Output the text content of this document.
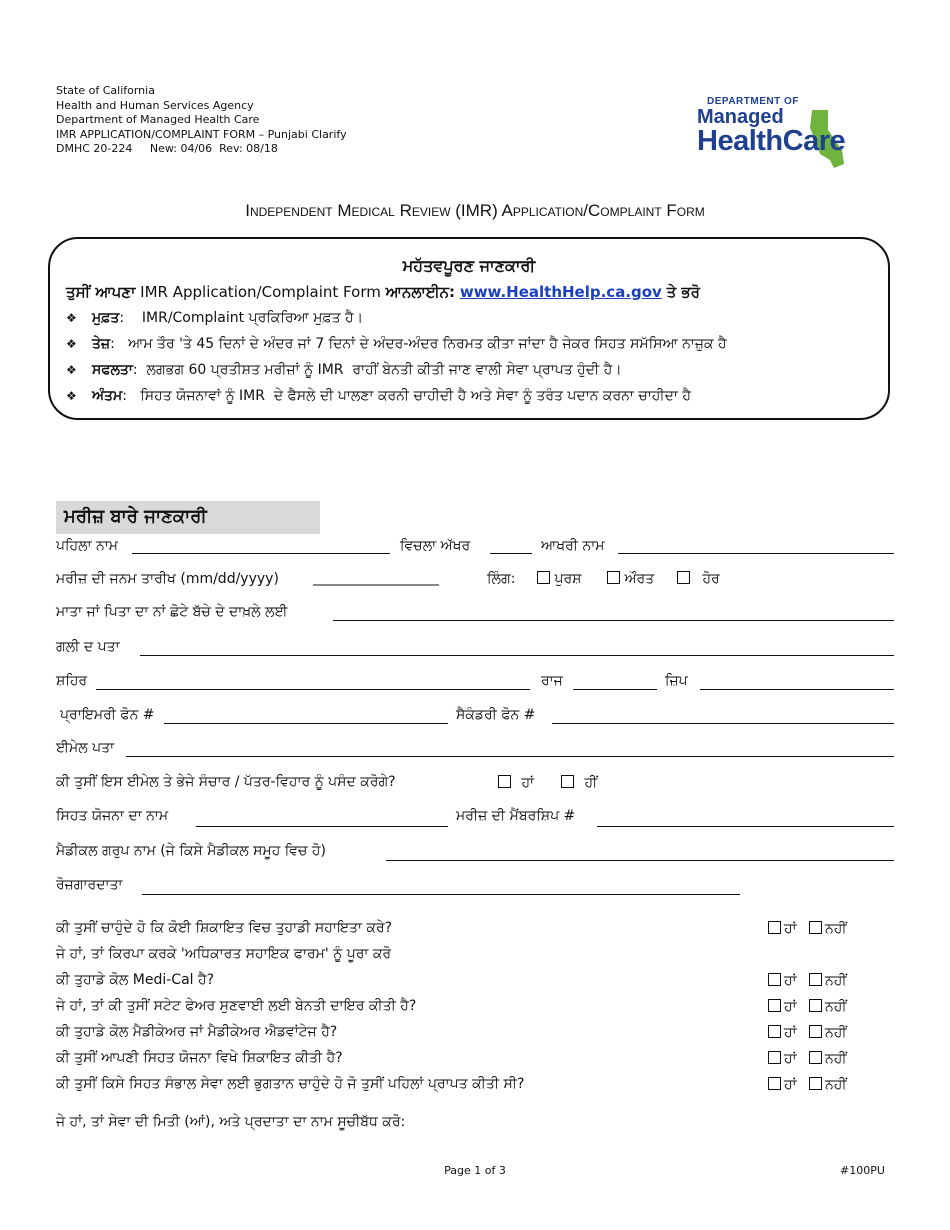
State of California
Health and Human Services Agency
Department of Managed Health Care
IMR APPLICATION/COMPLAINT FORM – Punjabi Clarify
DMHC 20-224     New: 04/06  Rev: 08/18
DEPARTMENT OF
Managed
HealthCare
Independent Medical Review (IMR) Application/Complaint Form
ਮਹੱਤਵਪੂਰਣ ਜਾਣਕਾਰੀ
ਤੁਸੀਂ ਆਪਣਾ IMR Application/Complaint Form ਆਨਲਾਈਨ: www.HealthHelp.ca.gov ਤੇ ਭਰੋ
❖ ਮੁਫ਼ਤ:    IMR/Complaint ਪ੍ਰਕਿਰਿਆ ਮੁਫ਼ਤ ਹੈ।
❖ ਤੇਜ਼:   ਆਮ ਤੌਰ 'ਤੇ 45 ਦਿਨਾਂ ਦੇ ਅੰਦਰ ਜਾਂ 7 ਦਿਨਾਂ ਦੇ ਅੰਦਰ-ਅੰਦਰ ਨਿਰਮਤ ਕੀਤਾ ਜਾਂਦਾ ਹੈ ਜੇਕਰ ਸਿਹਤ ਸਮੱਸਿਆ ਨਾਜ਼ੁਕ ਹੈ
❖ ਸਫਲਤਾ:  ਲਗਭਗ 60 ਪ੍ਰਤੀਸ਼ਤ ਮਰੀਜ਼ਾਂ ਨੂੰ IMR  ਰਾਹੀਂ ਬੇਨਤੀ ਕੀਤੀ ਜਾਣ ਵਾਲੀ ਸੇਵਾ ਪ੍ਰਾਪਤ ਹੁੰਦੀ ਹੈ।
❖ ਅੰਤਮ:   ਸਿਹਤ ਯੋਜਨਾਵਾਂ ਨੂੰ IMR  ਦੇ ਫੈਸਲੇ ਦੀ ਪਾਲਣਾ ਕਰਨੀ ਚਾਹੀਦੀ ਹੈ ਅਤੇ ਸੇਵਾ ਨੂੰ ਤਰੰਤ ਪਦਾਨ ਕਰਨਾ ਚਾਹੀਦਾ ਹੈ
ਮਰੀਜ਼ ਬਾਰੇ ਜਾਣਕਾਰੀ
ਪਹਿਲਾ ਨਾਮ	ਵਿਚਲਾ ਅੱਖਰ	ਆਖਰੀ ਨਾਮ
ਮਰੀਜ਼ ਦੀ ਜਨਮ ਤਾਰੀਖ (mm/dd/yyyy) __________________	ਲਿੰਗ:	ਪੁਰਸ਼	ਔਰਤ	ਹੋਰ
ਮਾਤਾ ਜਾਂ ਪਿਤਾ ਦਾ ਨਾਂ ਛੋਟੇ ਬੱਚੇ ਦੇ ਦਾਖ਼ਲੇ ਲਈ
ਗਲੀ ਦ ਪਤਾ
ਸ਼ਹਿਰ	ਰਾਜ	ਜ਼ਿਪ
ਪ੍ਰਾਇਮਰੀ ਫੋਨ #	ਸੈਕੰਡਰੀ ਫੋਨ #
ਈਮੇਲ ਪਤਾ
ਕੀ ਤੁਸੀਂ ਇਸ ਈਮੇਲ ਤੇ ਭੇਜੇ ਸੰਚਾਰ / ਪੱਤਰ-ਵਿਹਾਰ ਨੂੰ ਪਸੰਦ ਕਰੋਗੇ?	ਹਾਂ	ਹੀਂ
ਸਿਹਤ ਯੋਜਨਾ ਦਾ ਨਾਮ	ਮਰੀਜ਼ ਦੀ ਮੈਂਬਰਸ਼ਿਪ #
ਮੈਡੀਕਲ ਗਰੁਪ ਨਾਮ (ਜੇ ਕਿਸੇ ਮੈਡੀਕਲ ਸਮੂਹ ਵਿਚ ਹੋ)
ਰੋਜ਼ਗਾਰਦਾਤਾ
ਕੀ ਤੁਸੀਂ ਚਾਹੁੰਦੇ ਹੋ ਕਿ ਕੋਈ ਸ਼ਿਕਾਇਤ ਵਿਚ ਤੁਹਾਡੀ ਸਹਾਇਤਾ ਕਰੇ?	ਹਾਂ ਨਹੀਂ
ਜੇ ਹਾਂ, ਤਾਂ ਕਿਰਪਾ ਕਰਕੇ 'ਅਧਿਕਾਰਤ ਸਹਾਇਕ ਫਾਰਮ' ਨੂੰ ਪੂਰਾ ਕਰੋ
ਕੀ ਤੁਹਾਡੇ ਕੋਲ Medi-Cal ਹੈ?	ਹਾਂ ਨਹੀਂ
ਜੇ ਹਾਂ, ਤਾਂ ਕੀ ਤੁਸੀਂ ਸਟੇਟ ਫੇਅਰ ਸੁਣਵਾਈ ਲਈ ਬੇਨਤੀ ਦਾਇਰ ਕੀਤੀ ਹੈ?	ਹਾਂ ਨਹੀਂ
ਕੀ ਤੁਹਾਡੇ ਕੋਲ ਮੈਡੀਕੇਅਰ ਜਾਂ ਮੈਡੀਕੇਅਰ ਐਡਵਾਂਟੇਜ ਹੈ?	ਹਾਂ ਨਹੀਂ
ਕੀ ਤੁਸੀਂ ਆਪਣੀ ਸਿਹਤ ਯੋਜਨਾ ਵਿਖੇ ਸ਼ਿਕਾਇਤ ਕੀਤੀ ਹੈ?	ਹਾਂ ਨਹੀਂ
ਕੀ ਤੁਸੀਂ ਕਿਸੇ ਸਿਹਤ ਸੰਭਾਲ ਸੇਵਾ ਲਈ ਭੁਗਤਾਨ ਚਾਹੁੰਦੇ ਹੋ ਜੋ ਤੁਸੀਂ ਪਹਿਲਾਂ ਪ੍ਰਾਪਤ ਕੀਤੀ ਸੀ?	ਹਾਂ ਨਹੀਂ
ਜੇ ਹਾਂ, ਤਾਂ ਸੇਵਾ ਦੀ ਮਿਤੀ (ਆਂ), ਅਤੇ ਪ੍ਰਦਾਤਾ ਦਾ ਨਾਮ ਸੂਚੀਬੱਧ ਕਰੋ:
Page 1 of 3	#100PU
